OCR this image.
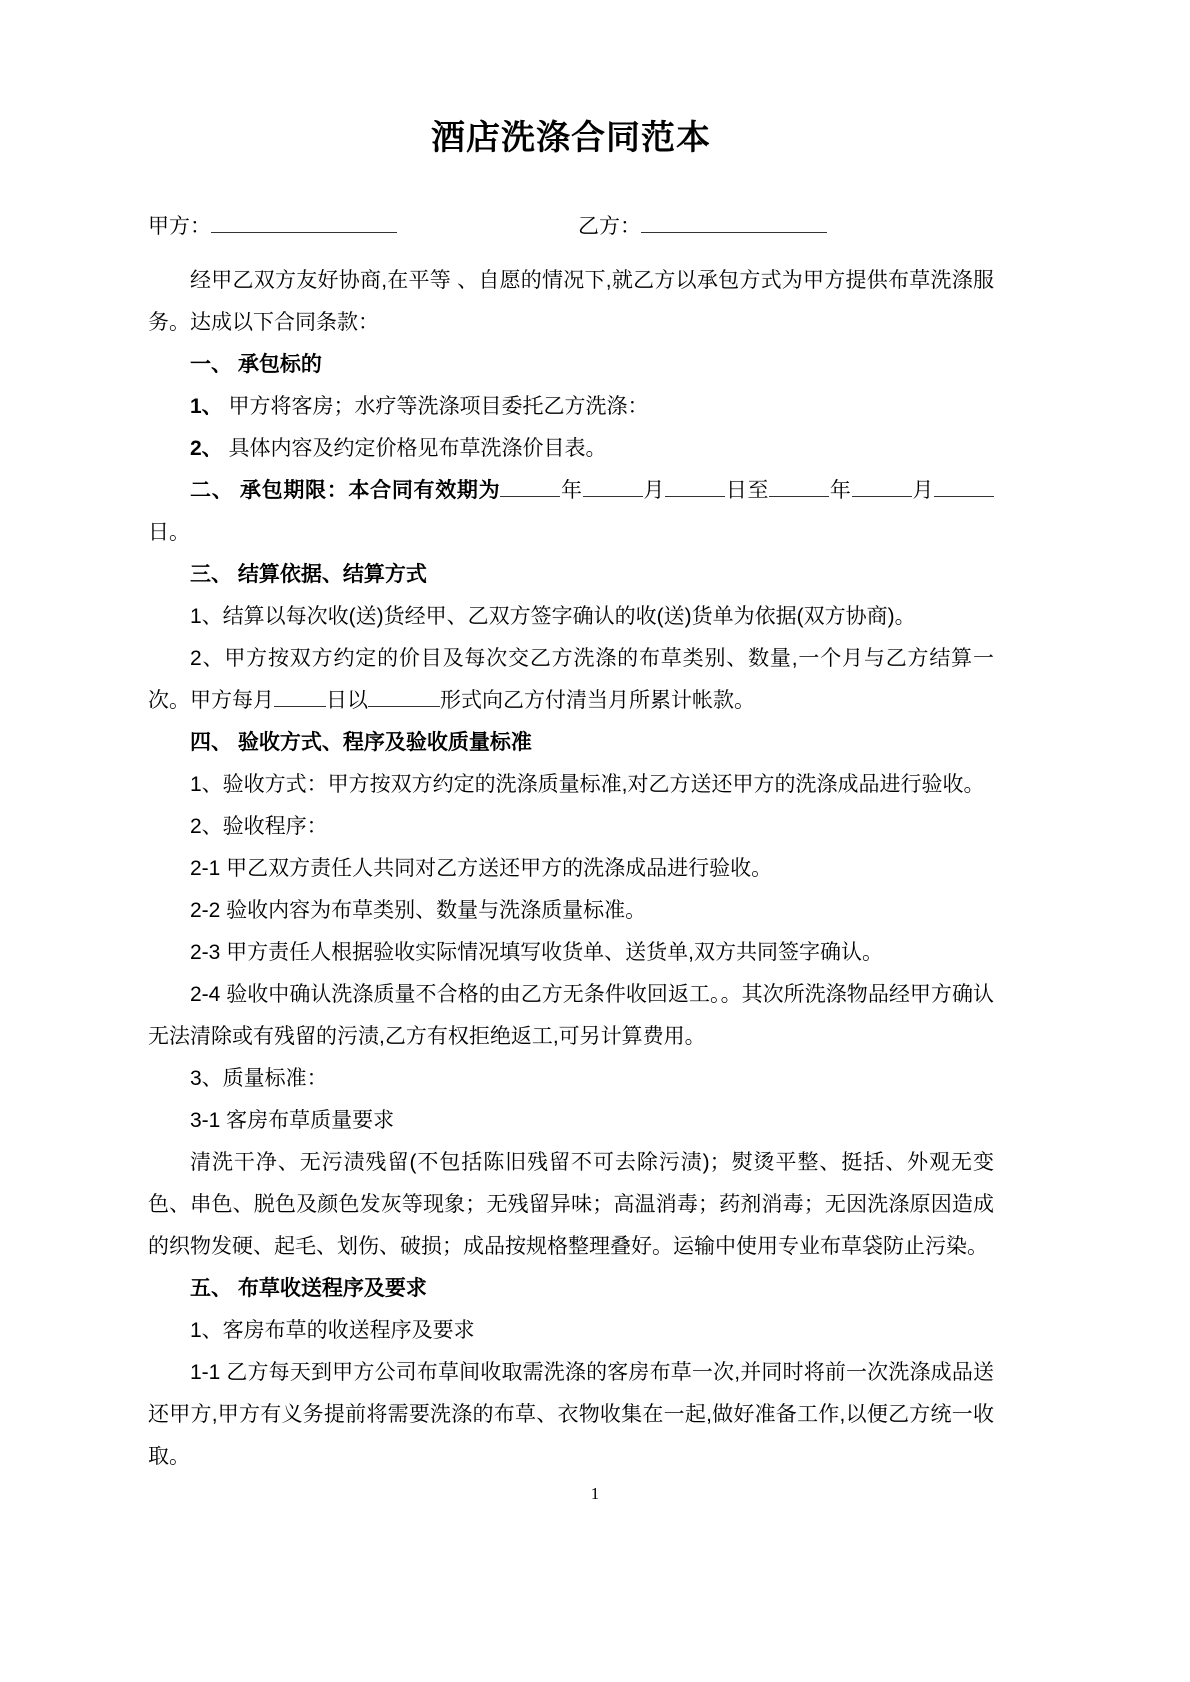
酒店洗涤合同范本
甲方：	乙方：

经甲乙双方友好协商,在平等 、自愿的情况下,就乙方以承包方式为甲方提供布草洗涤服务。达成以下合同条款：

一、 承包标的

1、 甲方将客房；水疗等洗涤项目委托乙方洗涤：

2、 具体内容及约定价格见布草洗涤价目表。

二、 承包期限：本合同有效期为	年	月	日至	年	月日。

三、 结算依据、结算方式

1、结算以每次收(送)货经甲、乙双方签字确认的收(送)货单为依据(双方协商)。

2、甲方按双方约定的价目及每次交乙方洗涤的布草类别、数量,一个月与乙方结算一次。甲方每月 日以	形式向乙方付清当月所累计帐款。

四、 验收方式、程序及验收质量标准

1、验收方式：甲方按双方约定的洗涤质量标准,对乙方送还甲方的洗涤成品进行验收。

2、验收程序：

2-1 甲乙双方责任人共同对乙方送还甲方的洗涤成品进行验收。

2-2 验收内容为布草类别、数量与洗涤质量标准。

2-3 甲方责任人根据验收实际情况填写收货单、送货单,双方共同签字确认。

2-4 验收中确认洗涤质量不合格的由乙方无条件收回返工。。其次所洗涤物品经甲方确认无法清除或有残留的污渍,乙方有权拒绝返工,可另计算费用。

3、质量标准：

3-1 客房布草质量要求

清洗干净、无污渍残留(不包括陈旧残留不可去除污渍)；熨烫平整、挺括、外观无变色、串色、脱色及颜色发灰等现象；无残留异味；高温消毒；药剂消毒；无因洗涤原因造成的织物发硬、起毛、划伤、破损；成品按规格整理叠好。运输中使用专业布草袋防止污染。

五、 布草收送程序及要求

1、客房布草的收送程序及要求

1-1 乙方每天到甲方公司布草间收取需洗涤的客房布草一次,并同时将前一次洗涤成品送还甲方,甲方有义务提前将需要洗涤的布草、衣物收集在一起,做好准备工作,以便乙方统一收取。

1
